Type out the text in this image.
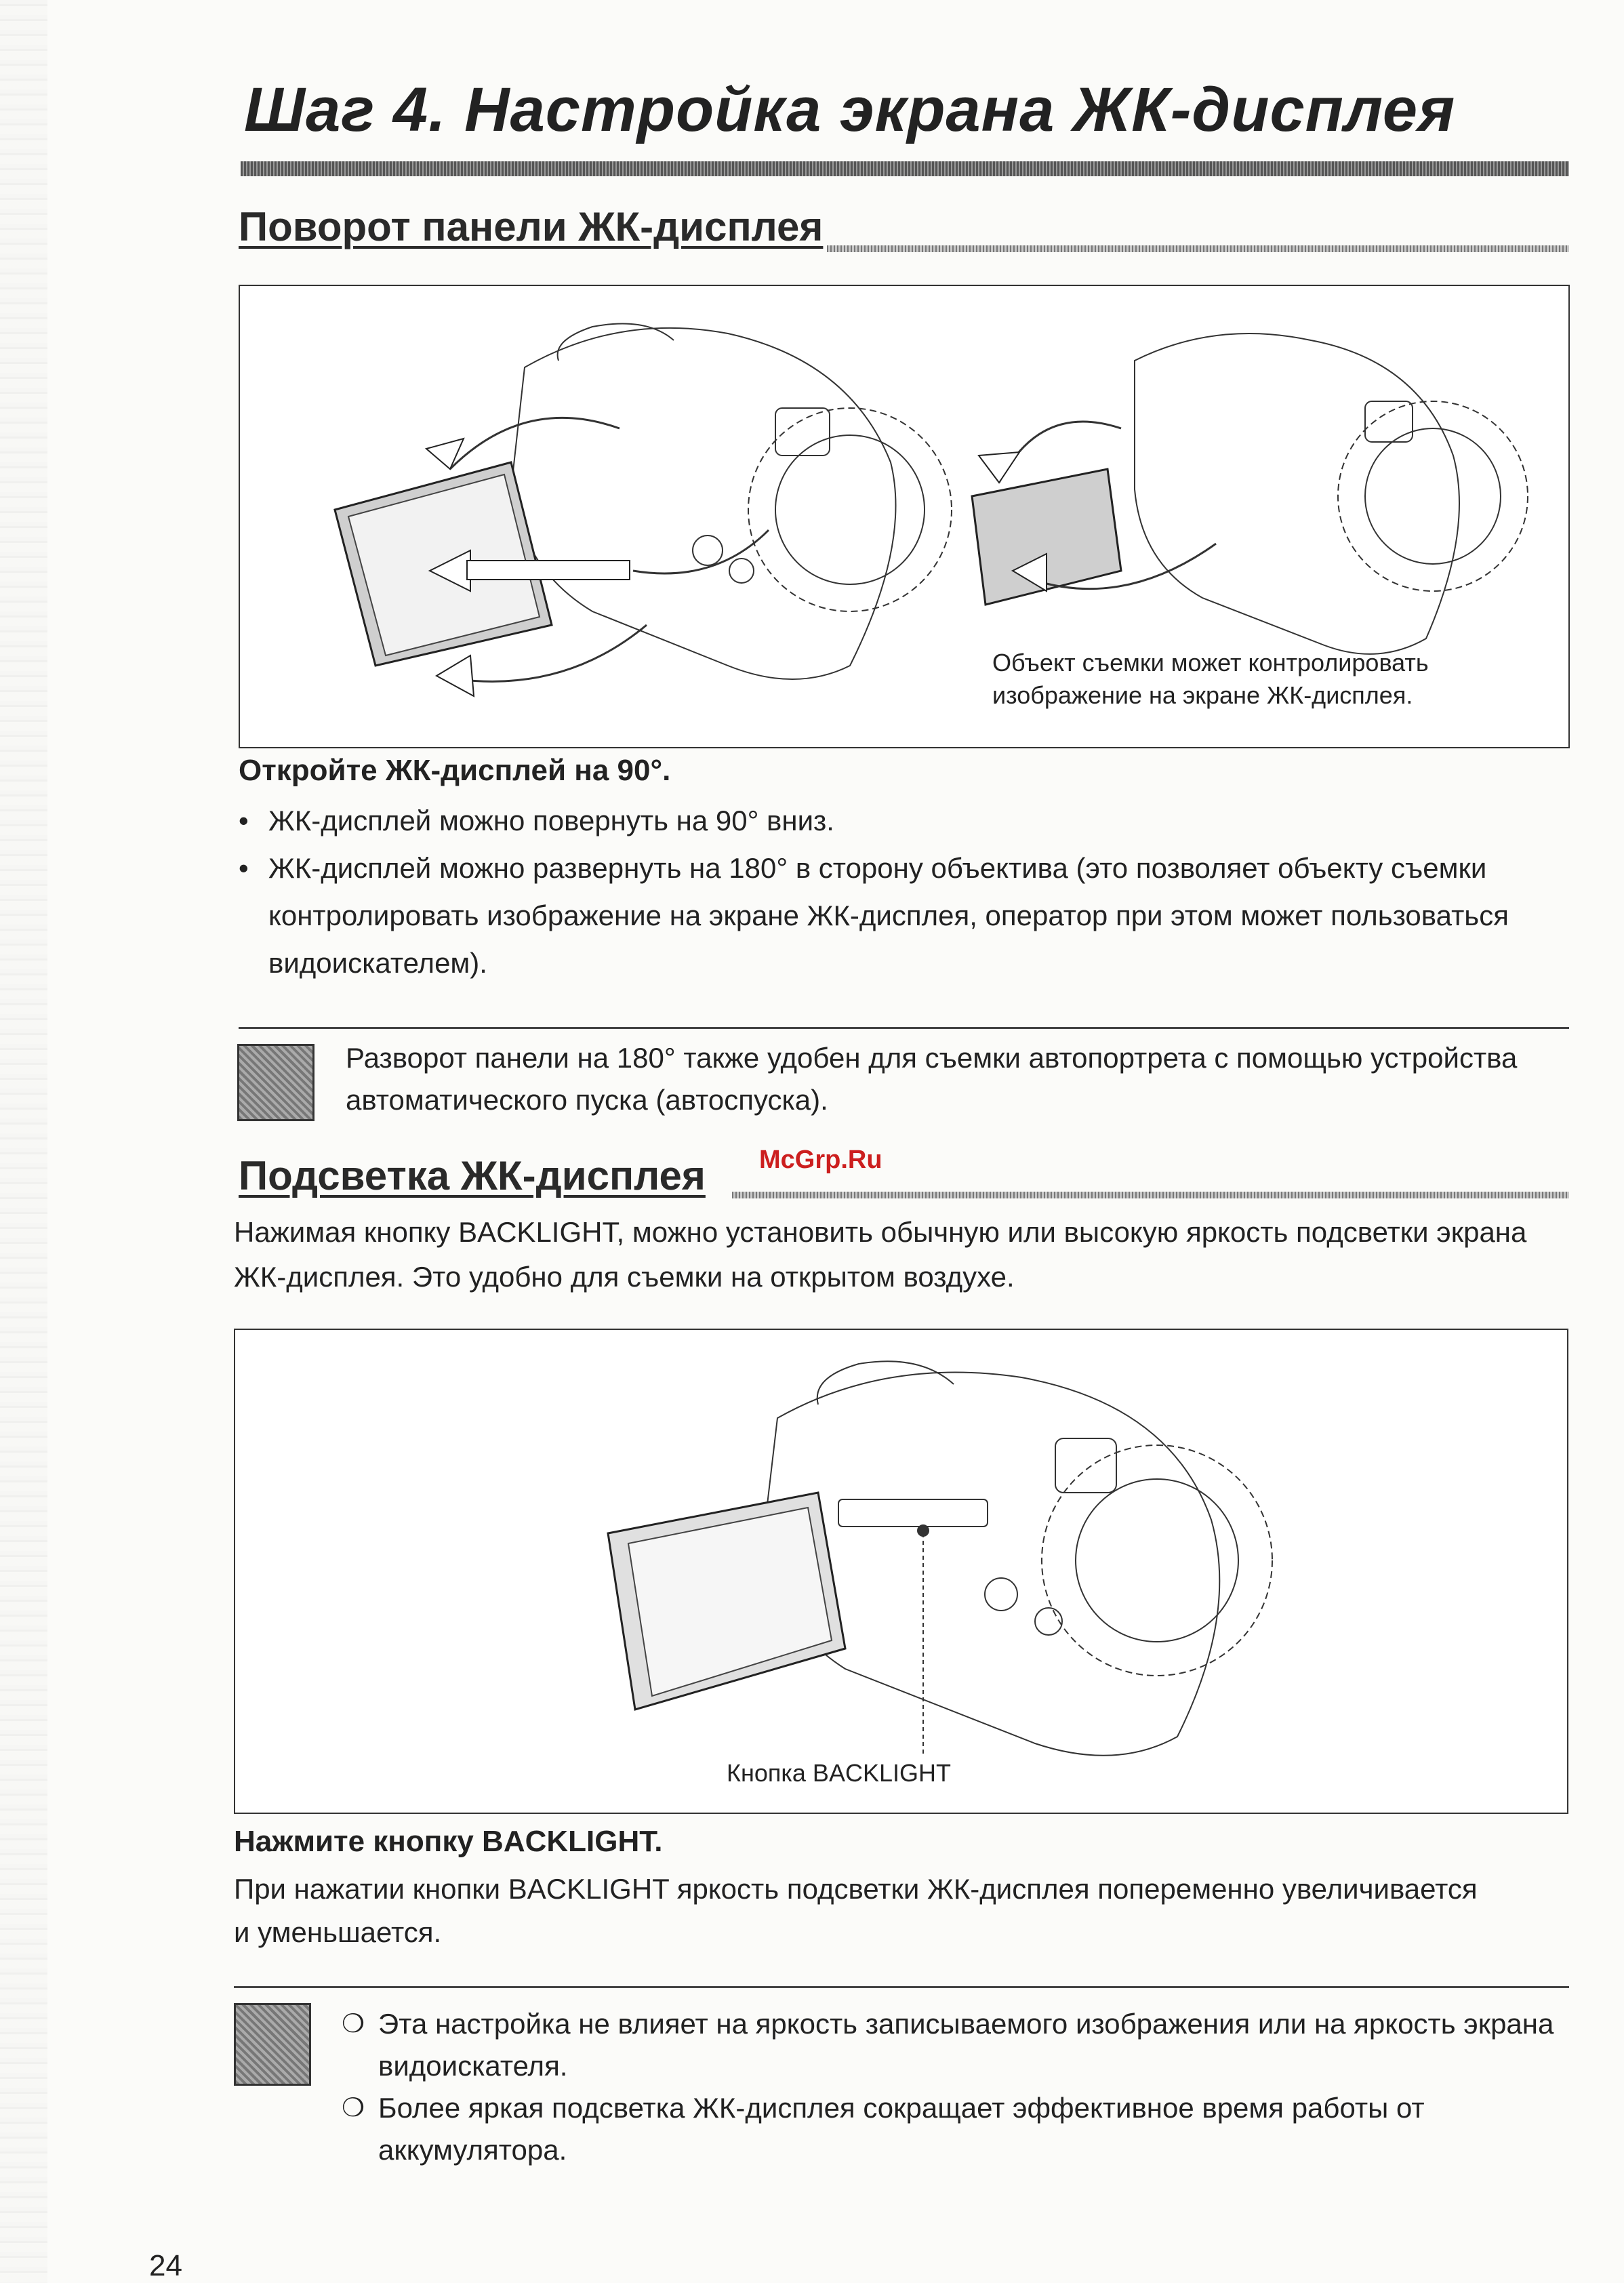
Шаг 4. Настройка экрана ЖК-дисплея
Поворот панели ЖК-дисплея
Объект съемки может контролировать
изображение на экране ЖК-дисплея.
Откройте ЖК-дисплей на 90°.
• ЖК-дисплей можно повернуть на 90° вниз.
• ЖК-дисплей можно развернуть на 180° в сторону объектива (это позволяет объекту съемки
контролировать изображение на экране ЖК-дисплея, оператор при этом может пользоваться
видоискателем).
Разворот панели на 180° также удобен для съемки автопортрета с помощью устройства
автоматического пуска (автоспуска).
Подсветка ЖК-дисплея McGrp.Ru
Нажимая кнопку BACKLIGHT, можно установить обычную или высокую яркость подсветки экрана
ЖК-дисплея. Это удобно для съемки на открытом воздухе.
Кнопка BACKLIGHT
Нажмите кнопку BACKLIGHT.
При нажатии кнопки BACKLIGHT яркость подсветки ЖК-дисплея попеременно увеличивается
и уменьшается.
❍ Эта настройка не влияет на яркость записываемого изображения или на яркость экрана
видоискателя.
❍ Более яркая подсветка ЖК-дисплея сокращает эффективное время работы от аккумулятора.
24
